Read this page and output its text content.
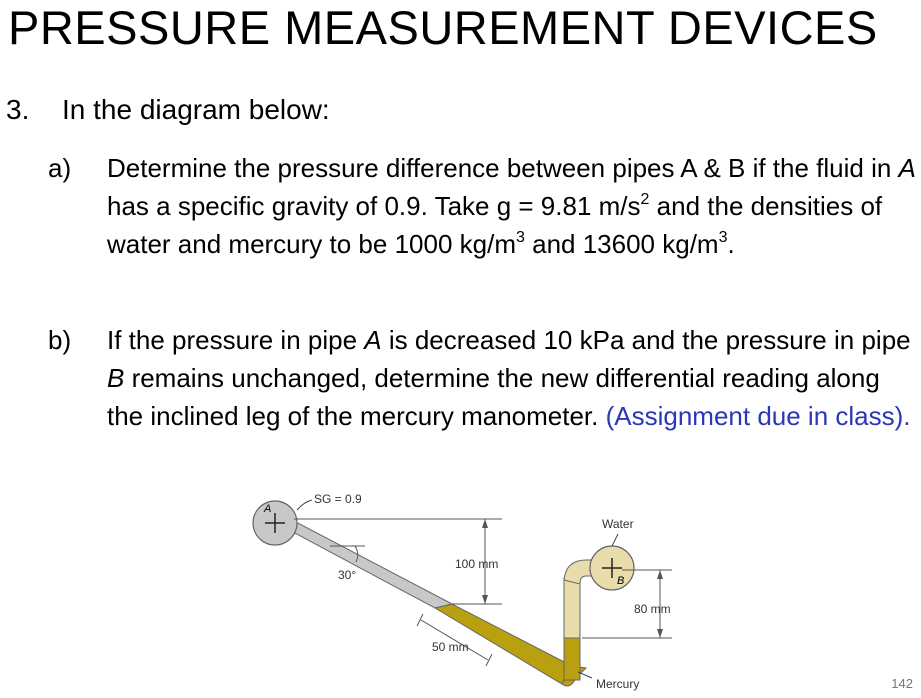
PRESSURE MEASUREMENT DEVICES
3. In the diagram below:
a) Determine the pressure difference between pipes A & B if the fluid in A has a specific gravity of 0.9. Take g = 9.81 $m/s^2$ and the densities of water and mercury to be 1000 $kg/m^3$ and 13600 $kg/m^3$.
b) If the pressure in pipe A is decreased 10 kPa and the pressure in pipe B remains unchanged, determine the new differential reading along the inclined leg of the mercury manometer. (Assignment due in class).
A
B
SG = 0.9
Water
Mercury
100 mm
30°
50 mm
80 mm
142
